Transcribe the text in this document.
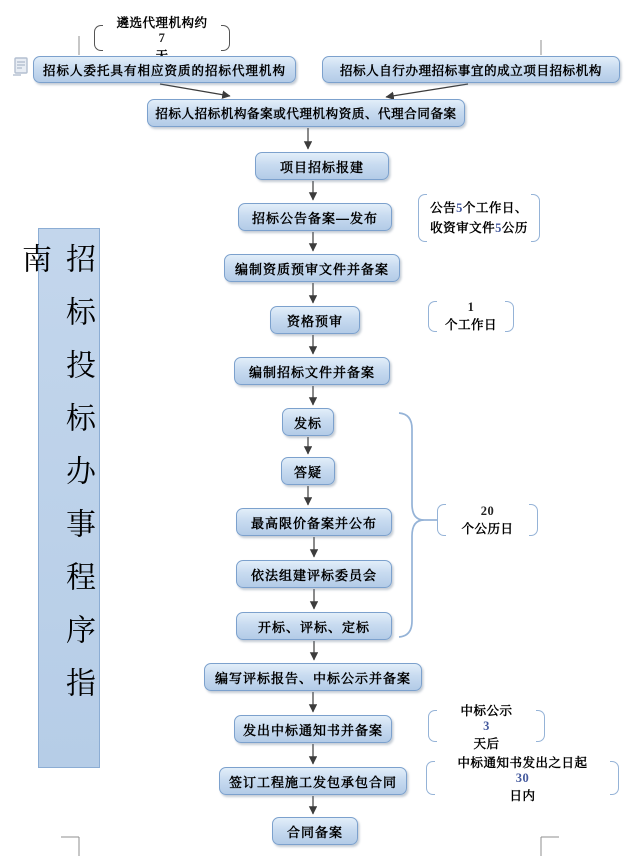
招标投标办事程序指南
遴选代理机构约
7
招标人委托具有相应资质的招标代理机构	招标人自行办理招标事宜的成立项目招标机构
招标人招标机构备案或代理机构资质、代理合同备案
项目招标报建
招标公告备案—发布
编制资质预审文件并备案
资格预审
编制招标文件并备案
发标
答疑
最高限价备案并公布
依法组建评标委员会
开标、评标、定标
编写评标报告、中标公示并备案
发出中标通知书并备案
签订工程施工发包承包合同
合同备案
公告5个工作日、
收资审文件5公历
1
个工作日
20
个公历日
中标公示
3
天后
中标通知书发出之日起
30
日内
